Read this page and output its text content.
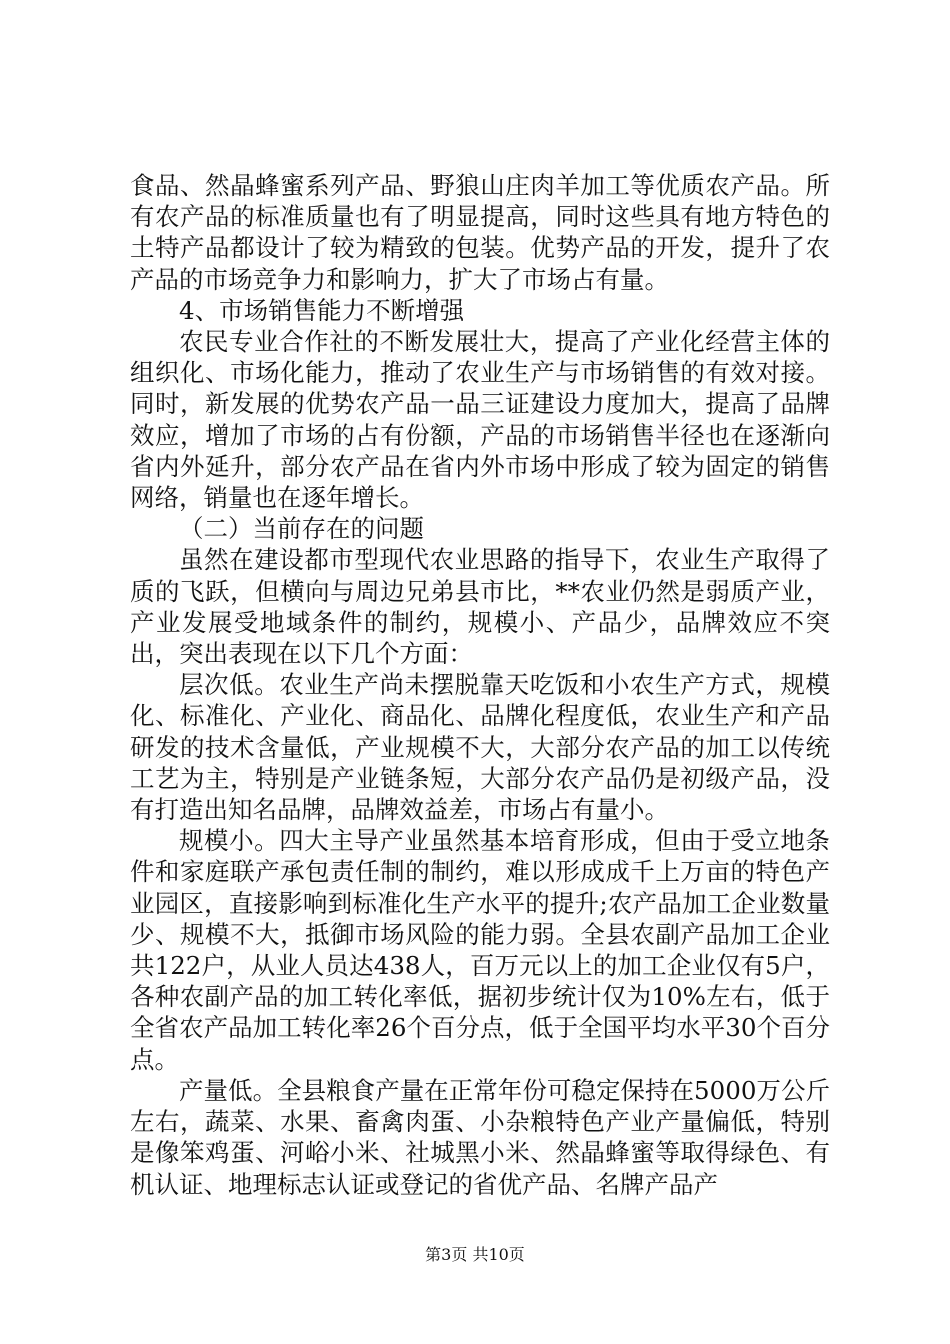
食品、然晶蜂蜜系列产品、野狼山庄肉羊加工等优质农产品。所有农产品的标准质量也有了明显提高，同时这些具有地方特色的土特产品都设计了较为精致的包装。优势产品的开发，提升了农产品的市场竞争力和影响力，扩大了市场占有量。

4、市场销售能力不断增强

农民专业合作社的不断发展壮大，提高了产业化经营主体的组织化、市场化能力，推动了农业生产与市场销售的有效对接。同时，新发展的优势农产品一品三证建设力度加大，提高了品牌效应，增加了市场的占有份额，产品的市场销售半径也在逐渐向省内外延升，部分农产品在省内外市场中形成了较为固定的销售网络，销量也在逐年增长。

（二）当前存在的问题

虽然在建设都市型现代农业思路的指导下，农业生产取得了质的飞跃，但横向与周边兄弟县市比，**农业仍然是弱质产业，产业发展受地域条件的制约，规模小、产品少，品牌效应不突出，突出表现在以下几个方面：

层次低。农业生产尚未摆脱靠天吃饭和小农生产方式，规模化、标准化、产业化、商品化、品牌化程度低，农业生产和产品研发的技术含量低，产业规模不大，大部分农产品的加工以传统工艺为主，特别是产业链条短，大部分农产品仍是初级产品，没有打造出知名品牌，品牌效益差，市场占有量小。

规模小。四大主导产业虽然基本培育形成，但由于受立地条件和家庭联产承包责任制的制约，难以形成成千上万亩的特色产业园区，直接影响到标准化生产水平的提升;农产品加工企业数量少、规模不大，抵御市场风险的能力弱。全县农副产品加工企业共122户，从业人员达438人，百万元以上的加工企业仅有5户，各种农副产品的加工转化率低，据初步统计仅为10%左右，低于全省农产品加工转化率26个百分点，低于全国平均水平30个百分点。

产量低。全县粮食产量在正常年份可稳定保持在5000万公斤左右，蔬菜、水果、畜禽肉蛋、小杂粮特色产业产量偏低，特别是像笨鸡蛋、河峪小米、社城黑小米、然晶蜂蜜等取得绿色、有机认证、地理标志认证或登记的省优产品、名牌产品产

第3页 共10页
